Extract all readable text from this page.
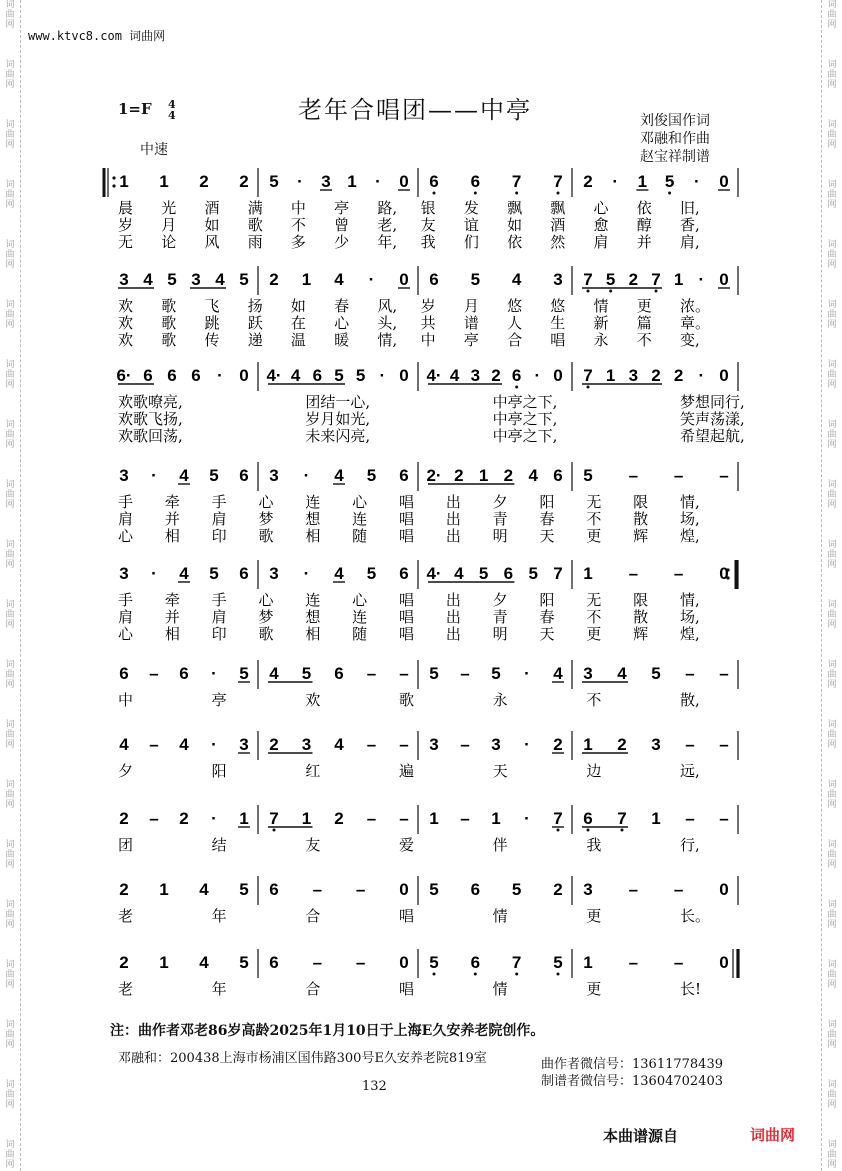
词
曲
网
词
曲
网
词
曲
网
词
曲
网
词
曲
网
词
曲
网
词
曲
网
词
曲
网
词
曲
网
词
曲
网
词
曲
网
词
曲
网
词
曲
网
词
曲
网
词
曲
网
词
曲
网
词
曲
网
词
曲
网
词
曲
网
词
曲
网
词
曲
网
词
曲
网
词
曲
网
词
曲
网
词
曲
网
词
曲
网
词
曲
网
词
曲
网
词
曲
网
词
曲
网
词
曲
网
词
曲
网
词
曲
网
词
曲
网
词
曲
网
词
曲
网
词
曲
网
词
曲
网
词
曲
网
词
曲
网
www.ktvc8.com 词曲网
1=F 4
4	老年合唱团——中亭
中速
刘俊国作词
邓融和作曲
赵宝祥制谱
1 1 2 2 5 · 3 1 · 0 6 6 7 7 2 · 1 5 · 0
晨 光 酒 满 中 亭 路, 银 发 飘 飘 心 依 旧,
岁 月 如 歌 不 曾 老, 友 谊 如 酒 愈 醇 香,
无 论 风 雨 多 少 年, 我 们 依 然 肩 并 肩,
3 4 5 3 4 5 2 1 4 · 0 6 5 4 3 7 5 2 7 1 · 0
欢 歌 飞 扬 如 春 风, 岁 月 悠 悠 情 更 浓。
欢 歌 跳 跃 在 心 头, 共 谱 人 生 新 篇 章。
欢 歌 传 递 温 暖 情, 中 亭 合 唱 永 不 变,
6· 6 6 6 · 0 4· 4 6 5 5 · 0 4· 4 3 2 6 · 0 7 1 3 2 2 · 0
欢歌嘹亮,	团结一心,	中亭之下,	梦想同行,
欢歌飞扬,	岁月如光,	中亭之下,	笑声荡漾,
欢歌回荡,	未来闪亮,	中亭之下,	希望起航,
3 · 4 5 6 3 · 4 5 6 2· 2 1 2 4 6 5 – – –
手 牵 手 心 连 心 唱 出 夕 阳 无 限 情,
肩 并 肩 梦 想 连 唱 出 青 春 不 散 场,
心 相 印 歌 相 随 唱 出 明 天 更 辉 煌,
3 · 4 5 6 3 · 4 5 6 4· 4 5 6 5 7 1 – – 0
手 牵 手 心 连 心 唱 出 夕 阳 无 限 情,
肩 并 肩 梦 想 连 唱 出 青 春 不 散 场,
心 相 印 歌 相 随 唱 出 明 天 更 辉 煌,
6 – 6 · 5 4 5 6 – – 5 – 5 · 4 3 4 5 – –
中	亭	欢	歌	永	不	散,
4 – 4 · 3 2 3 4 – – 3 – 3 · 2 1 2 3 – –
夕	阳	红	遍	天	边	远,
2 – 2 · 1 7 1 2 – – 1 – 1 · 7 6 7 1 – –
团	结	友	爱	伴	我	行,
2 1 4 5 6 – – 0 5 6 5 2 3 – – 0
老	年	合	唱	情	更	长。
2 1 4 5 6 – – 0 5 6 7 5 1 – – 0
老	年	合	唱	情	更	长!
注：曲作者邓老86岁高龄2025年1月10日于上海E久安养老院创作。
邓融和：200438上海市杨浦区国伟路300号E久安养老院819室	曲作者微信号：13611778439
制谱者微信号：13604702403
132
本曲谱源自	词曲网
